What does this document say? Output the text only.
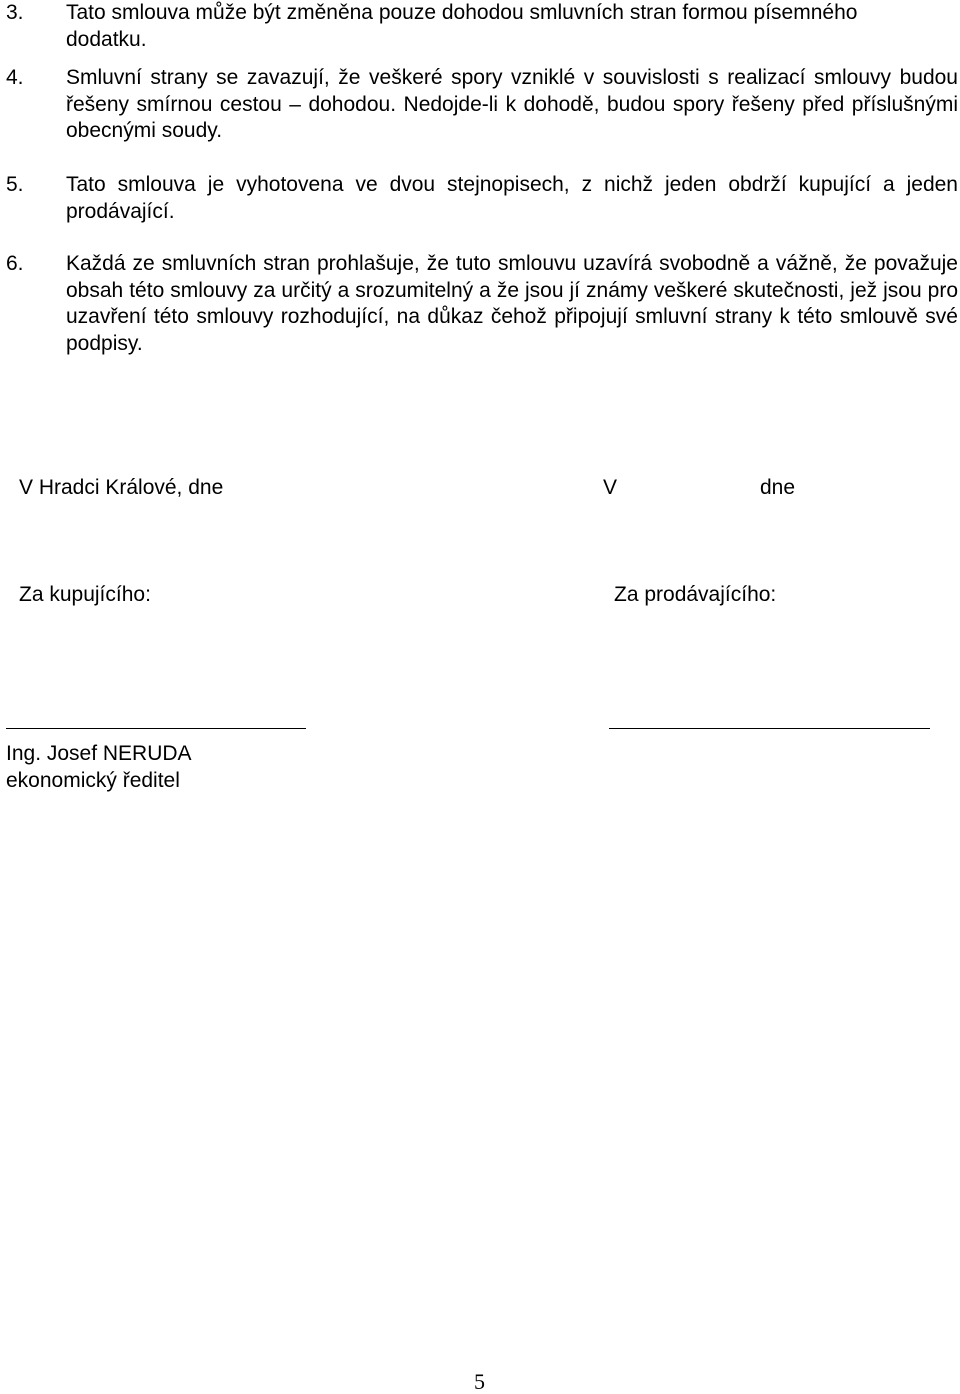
3. Tato smlouva může být změněna pouze dohodou smluvních stran formou písemného dodatku.
4. Smluvní strany se zavazují, že veškeré spory vzniklé v souvislosti s realizací smlouvy budou řešeny smírnou cestou – dohodou. Nedojde-li k dohodě, budou spory řešeny před příslušnými obecnými soudy.
5. Tato smlouva je vyhotovena ve dvou stejnopisech, z nichž jeden obdrží kupující a jeden prodávající.
6. Každá ze smluvních stran prohlašuje, že tuto smlouvu uzavírá svobodně a vážně, že považuje obsah této smlouvy za určitý a srozumitelný a že jsou jí známy veškeré skutečnosti, jež jsou pro uzavření této smlouvy rozhodující, na důkaz čehož připojují smluvní strany k této smlouvě své podpisy.
V Hradci Králové, dne	V	dne
Za kupujícího:	Za prodávajícího:
Ing. Josef NERUDA
ekonomický ředitel
5
